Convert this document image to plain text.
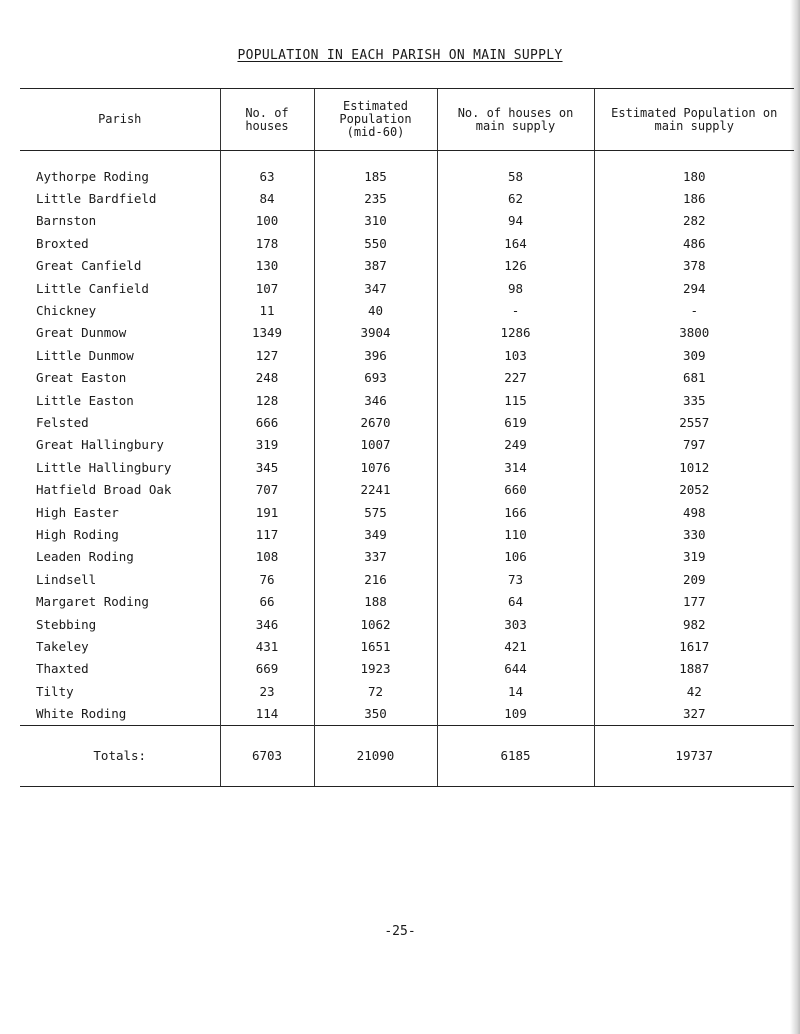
POPULATION IN EACH PARISH ON MAIN SUPPLY
Parish	No. of houses	Estimated Population (mid-60)	No. of houses on main supply	Estimated Population on main supply
Aythorpe Roding	63	185	58	180
Little Bardfield	84	235	62	186
Barnston	100	310	94	282
Broxted	178	550	164	486
Great Canfield	130	387	126	378
Little Canfield	107	347	98	294
Chickney	11	40	-	-
Great Dunmow	1349	3904	1286	3800
Little Dunmow	127	396	103	309
Great Easton	248	693	227	681
Little Easton	128	346	115	335
Felsted	666	2670	619	2557
Great Hallingbury	319	1007	249	797
Little Hallingbury	345	1076	314	1012
Hatfield Broad Oak	707	2241	660	2052
High Easter	191	575	166	498
High Roding	117	349	110	330
Leaden Roding	108	337	106	319
Lindsell	76	216	73	209
Margaret Roding	66	188	64	177
Stebbing	346	1062	303	982
Takeley	431	1651	421	1617
Thaxted	669	1923	644	1887
Tilty	23	72	14	42
White Roding	114	350	109	327
Totals:	6703	21090	6185	19737
-25-
